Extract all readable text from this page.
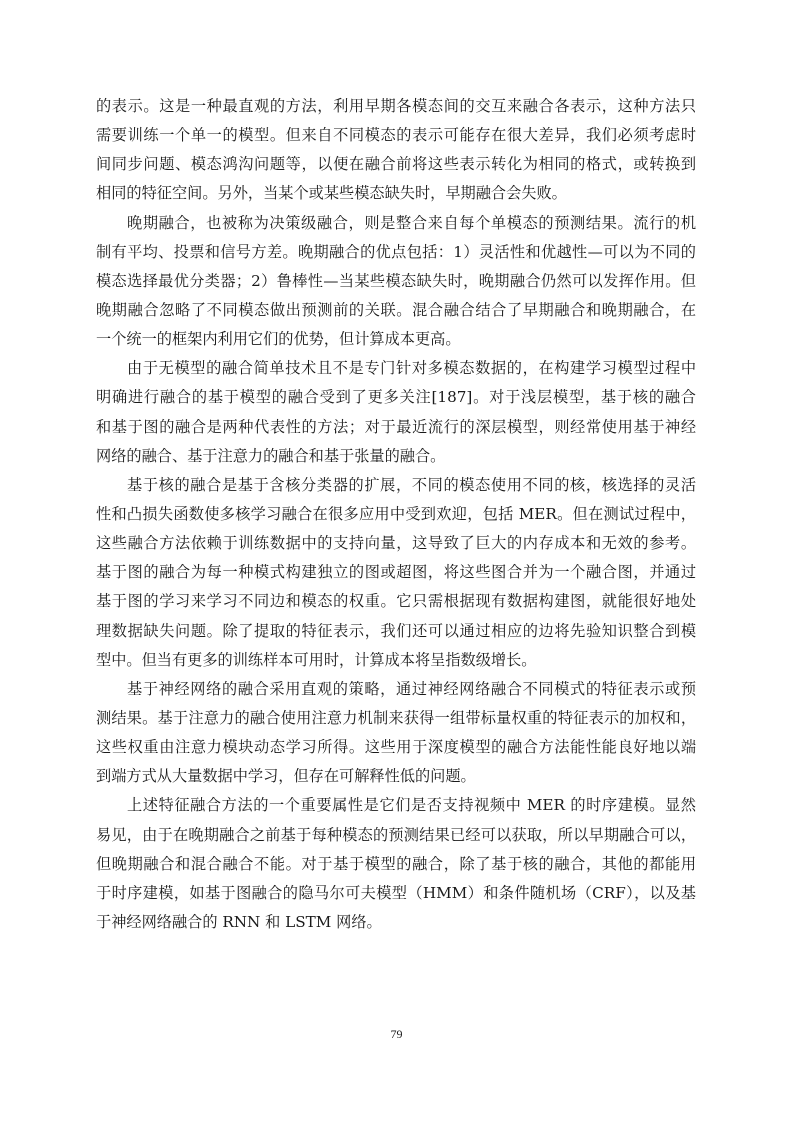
的表示。这是一种最直观的方法，利用早期各模态间的交互来融合各表示，这种方法只
需要训练一个单一的模型。但来自不同模态的表示可能存在很大差异，我们必须考虑时
间同步问题、模态鸿沟问题等，以便在融合前将这些表示转化为相同的格式，或转换到
相同的特征空间。另外，当某个或某些模态缺失时，早期融合会失败。
晚期融合，也被称为决策级融合，则是整合来自每个单模态的预测结果。流行的机
制有平均、投票和信号方差。晚期融合的优点包括：1）灵活性和优越性—可以为不同的
模态选择最优分类器；2）鲁棒性—当某些模态缺失时，晚期融合仍然可以发挥作用。但
晚期融合忽略了不同模态做出预测前的关联。混合融合结合了早期融合和晚期融合，在
一个统一的框架内利用它们的优势，但计算成本更高。
由于无模型的融合简单技术且不是专门针对多模态数据的，在构建学习模型过程中
明确进行融合的基于模型的融合受到了更多关注[187]。对于浅层模型，基于核的融合
和基于图的融合是两种代表性的方法；对于最近流行的深层模型，则经常使用基于神经
网络的融合、基于注意力的融合和基于张量的融合。
基于核的融合是基于含核分类器的扩展，不同的模态使用不同的核，核选择的灵活
性和凸损失函数使多核学习融合在很多应用中受到欢迎，包括 MER。但在测试过程中，
这些融合方法依赖于训练数据中的支持向量，这导致了巨大的内存成本和无效的参考。
基于图的融合为每一种模式构建独立的图或超图，将这些图合并为一个融合图，并通过
基于图的学习来学习不同边和模态的权重。它只需根据现有数据构建图，就能很好地处
理数据缺失问题。除了提取的特征表示，我们还可以通过相应的边将先验知识整合到模
型中。但当有更多的训练样本可用时，计算成本将呈指数级增长。
基于神经网络的融合采用直观的策略，通过神经网络融合不同模式的特征表示或预
测结果。基于注意力的融合使用注意力机制来获得一组带标量权重的特征表示的加权和，
这些权重由注意力模块动态学习所得。这些用于深度模型的融合方法能性能良好地以端
到端方式从大量数据中学习，但存在可解释性低的问题。
上述特征融合方法的一个重要属性是它们是否支持视频中 MER 的时序建模。显然
易见，由于在晚期融合之前基于每种模态的预测结果已经可以获取，所以早期融合可以，
但晚期融合和混合融合不能。对于基于模型的融合，除了基于核的融合，其他的都能用
于时序建模，如基于图融合的隐马尔可夫模型（HMM）和条件随机场（CRF），以及基
于神经网络融合的 RNN 和 LSTM 网络。
79
